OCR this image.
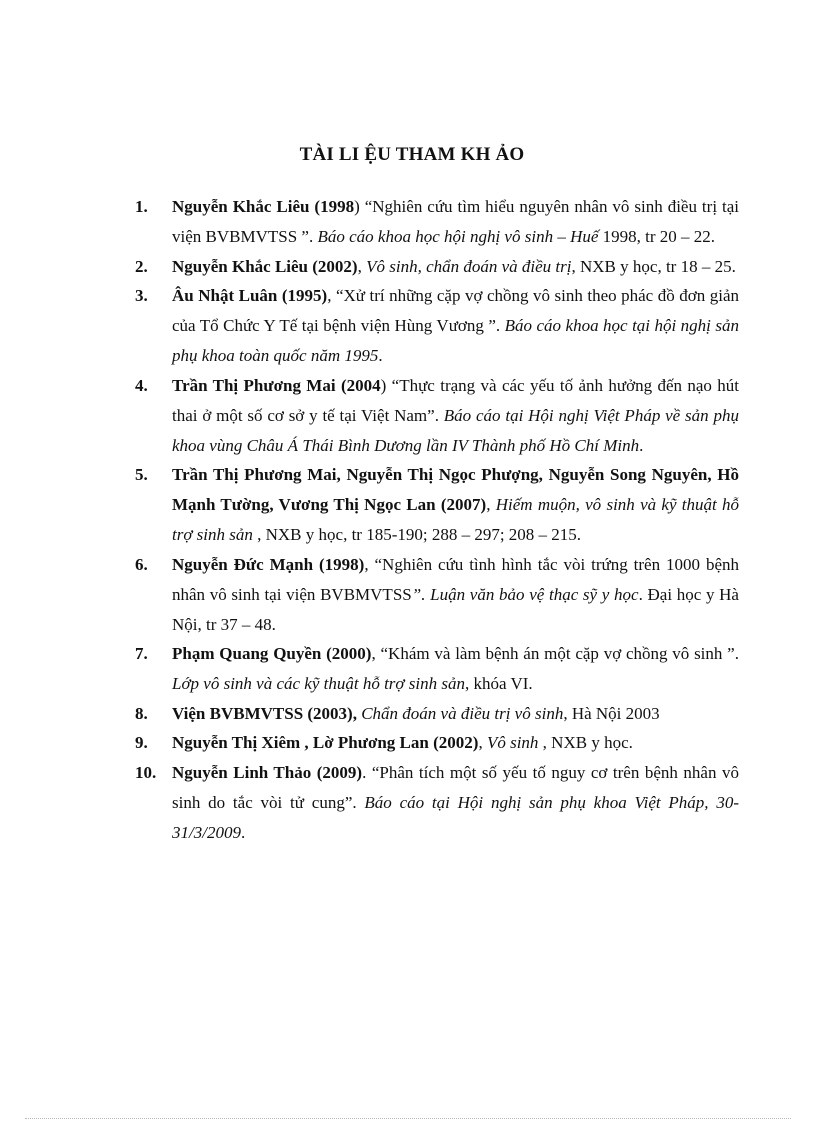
TÀI LI ỆU THAM KH ẢO
1. Nguyễn Khắc Liêu (1998) “Nghiên cứu tìm hiểu nguyên nhân vô sinh điều trị tại viện BVBMVTSS ”. Báo cáo khoa học hội nghị vô sinh – Huế 1998, tr 20 – 22.
2. Nguyễn Khắc Liêu (2002), Vô sinh, chẩn đoán và điều trị, NXB y học, tr 18 – 25.
3. Âu Nhật Luân (1995), “Xử trí những cặp vợ chồng vô sinh theo phác đồ đơn giản của Tổ Chức Y Tế tại bệnh viện Hùng Vương ”. Báo cáo khoa học tại hội nghị sản phụ khoa toàn quốc năm 1995.
4. Trần Thị Phương Mai (2004) “Thực trạng và các yếu tố ảnh hưởng đến nạo hút thai ở một số cơ sở y tế tại Việt Nam”. Báo cáo tại Hội nghị Việt Pháp về sản phụ khoa vùng Châu Á Thái Bình Dương lần IV Thành phố Hồ Chí Minh.
5. Trần Thị Phương Mai, Nguyễn Thị Ngọc Phượng, Nguyễn Song Nguyên, Hồ Mạnh Tường, Vương Thị Ngọc Lan (2007), Hiếm muộn, vô sinh và kỹ thuật hỗ trợ sinh sản , NXB y học, tr 185-190; 288 – 297; 208 – 215.
6. Nguyễn Đức Mạnh (1998), “Nghiên cứu tình hình tắc vòi trứng trên 1000 bệnh nhân vô sinh tại viện BVBMVTSS”. Luận văn bảo vệ thạc sỹ y học. Đại học y Hà Nội, tr 37 – 48.
7. Phạm Quang Quyền (2000), “Khám và làm bệnh án một cặp vợ chồng vô sinh ”. Lớp vô sinh và các kỹ thuật hỗ trợ sinh sản, khóa VI.
8. Viện BVBMVTSS (2003), Chẩn đoán và điều trị vô sinh, Hà Nội 2003
9. Nguyễn Thị Xiêm , Lờ Phương Lan (2002), Vô sinh , NXB y học.
10. Nguyễn Linh Thảo (2009). “Phân tích một số yếu tố nguy cơ trên bệnh nhân vô sinh do tắc vòi tử cung”. Báo cáo tại Hội nghị sản phụ khoa Việt Pháp, 30-31/3/2009.
